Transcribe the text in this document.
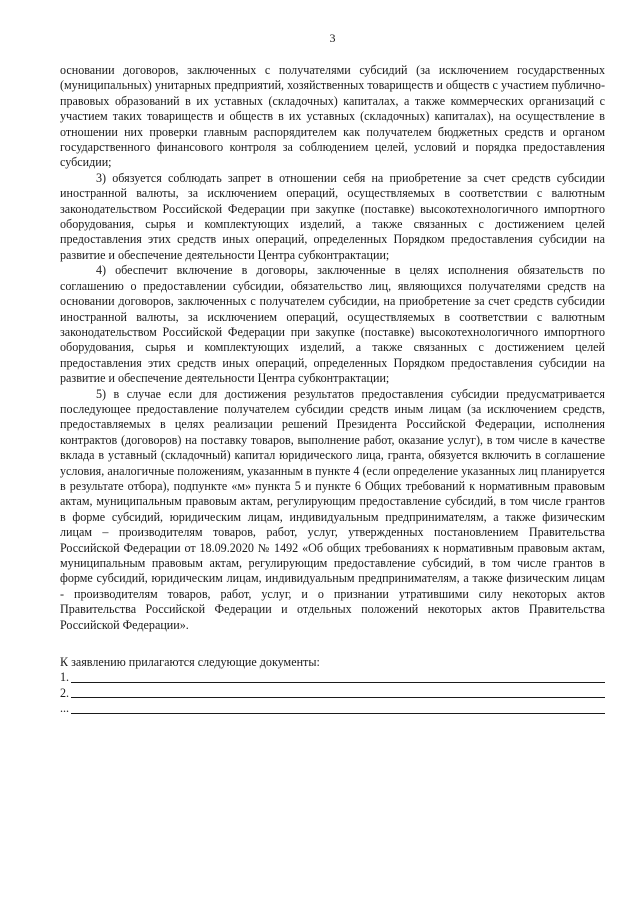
3

основании договоров, заключенных с получателями субсидий (за исключением государственных (муниципальных) унитарных предприятий, хозяйственных товариществ и обществ с участием публично-правовых образований в их уставных (складочных) капиталах, а также коммерческих организаций с участием таких товариществ и обществ в их уставных (складочных) капиталах), на осуществление в отношении них проверки главным распорядителем как получателем бюджетных средств и органом государственного финансового контроля за соблюдением целей, условий и порядка предоставления субсидии;

3) обязуется соблюдать запрет в отношении себя на приобретение за счет средств субсидии иностранной валюты, за исключением операций, осуществляемых в соответствии с валютным законодательством Российской Федерации при закупке (поставке) высокотехнологичного импортного оборудования, сырья и комплектующих изделий, а также связанных с достижением целей предоставления этих средств иных операций, определенных Порядком предоставления субсидии на развитие и обеспечение деятельности Центра субконтрактации;

4) обеспечит включение в договоры, заключенные в целях исполнения обязательств по соглашению о предоставлении субсидии, обязательство лиц, являющихся получателями средств на основании договоров, заключенных с получателем субсидии, на приобретение за счет средств субсидии иностранной валюты, за исключением операций, осуществляемых в соответствии с валютным законодательством Российской Федерации при закупке (поставке) высокотехнологичного импортного оборудования, сырья и комплектующих изделий, а также связанных с достижением целей предоставления этих средств иных операций, определенных Порядком предоставления субсидии на развитие и обеспечение деятельности Центра субконтрактации;

5) в случае если для достижения результатов предоставления субсидии предусматривается последующее предоставление получателем субсидии средств иным лицам (за исключением средств, предоставляемых в целях реализации решений Президента Российской Федерации, исполнения контрактов (договоров) на поставку товаров, выполнение работ, оказание услуг), в том числе в качестве вклада в уставный (складочный) капитал юридического лица, гранта, обязуется включить в соглашение условия, аналогичные положениям, указанным в пункте 4 (если определение указанных лиц планируется в результате отбора), подпункте «м» пункта 5 и пункте 6 Общих требований к нормативным правовым актам, муниципальным правовым актам, регулирующим предоставление субсидий, в том числе грантов в форме субсидий, юридическим лицам, индивидуальным предпринимателям, а также физическим лицам – производителям товаров, работ, услуг, утвержденных постановлением Правительства Российской Федерации от 18.09.2020 № 1492 «Об общих требованиях к нормативным правовым актам, муниципальным правовым актам, регулирующим предоставление субсидий, в том числе грантов в форме субсидий, юридическим лицам, индивидуальным предпринимателям, а также физическим лицам - производителям товаров, работ, услуг, и о признании утратившими силу некоторых актов Правительства Российской Федерации и отдельных положений некоторых актов Правительства Российской Федерации».

К заявлению прилагаются следующие документы:

1.
2.
...
